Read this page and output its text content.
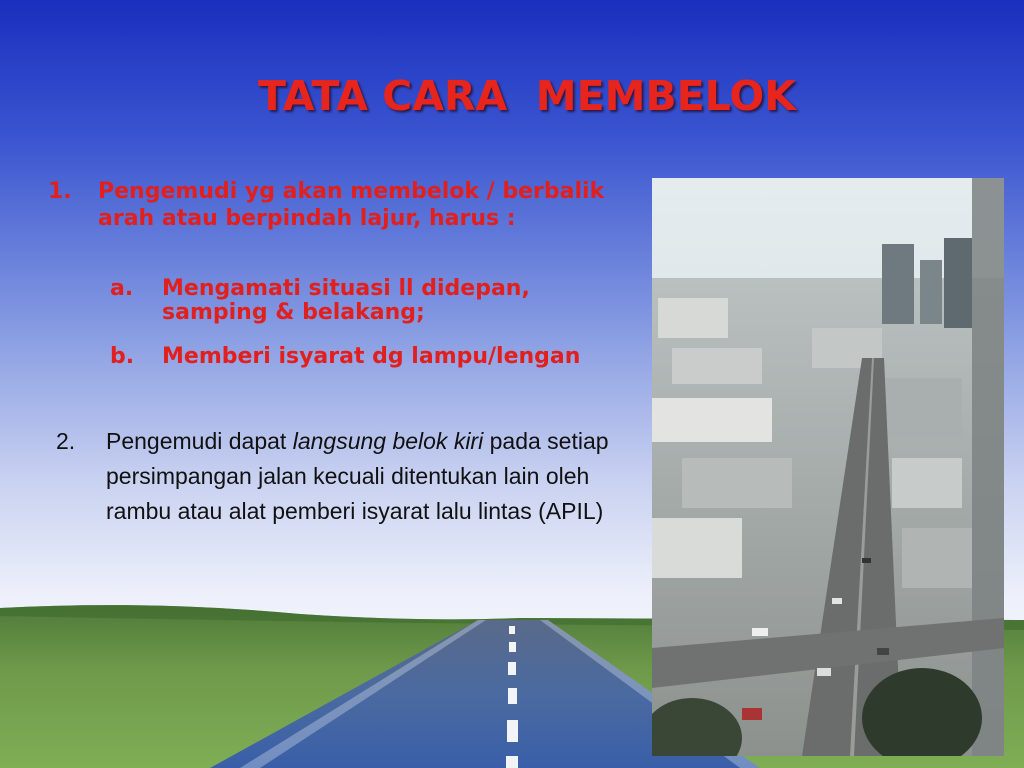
TATA CARA  MEMBELOK
1. Pengemudi yg akan membelok / berbalik arah atau berpindah lajur, harus :
a. Mengamati situasi ll didepan, samping & belakang;
b. Memberi isyarat dg lampu/lengan
2. Pengemudi dapat langsung belok kiri pada setiap persimpangan jalan kecuali ditentukan lain oleh rambu atau alat pemberi isyarat lalu lintas (APIL)
